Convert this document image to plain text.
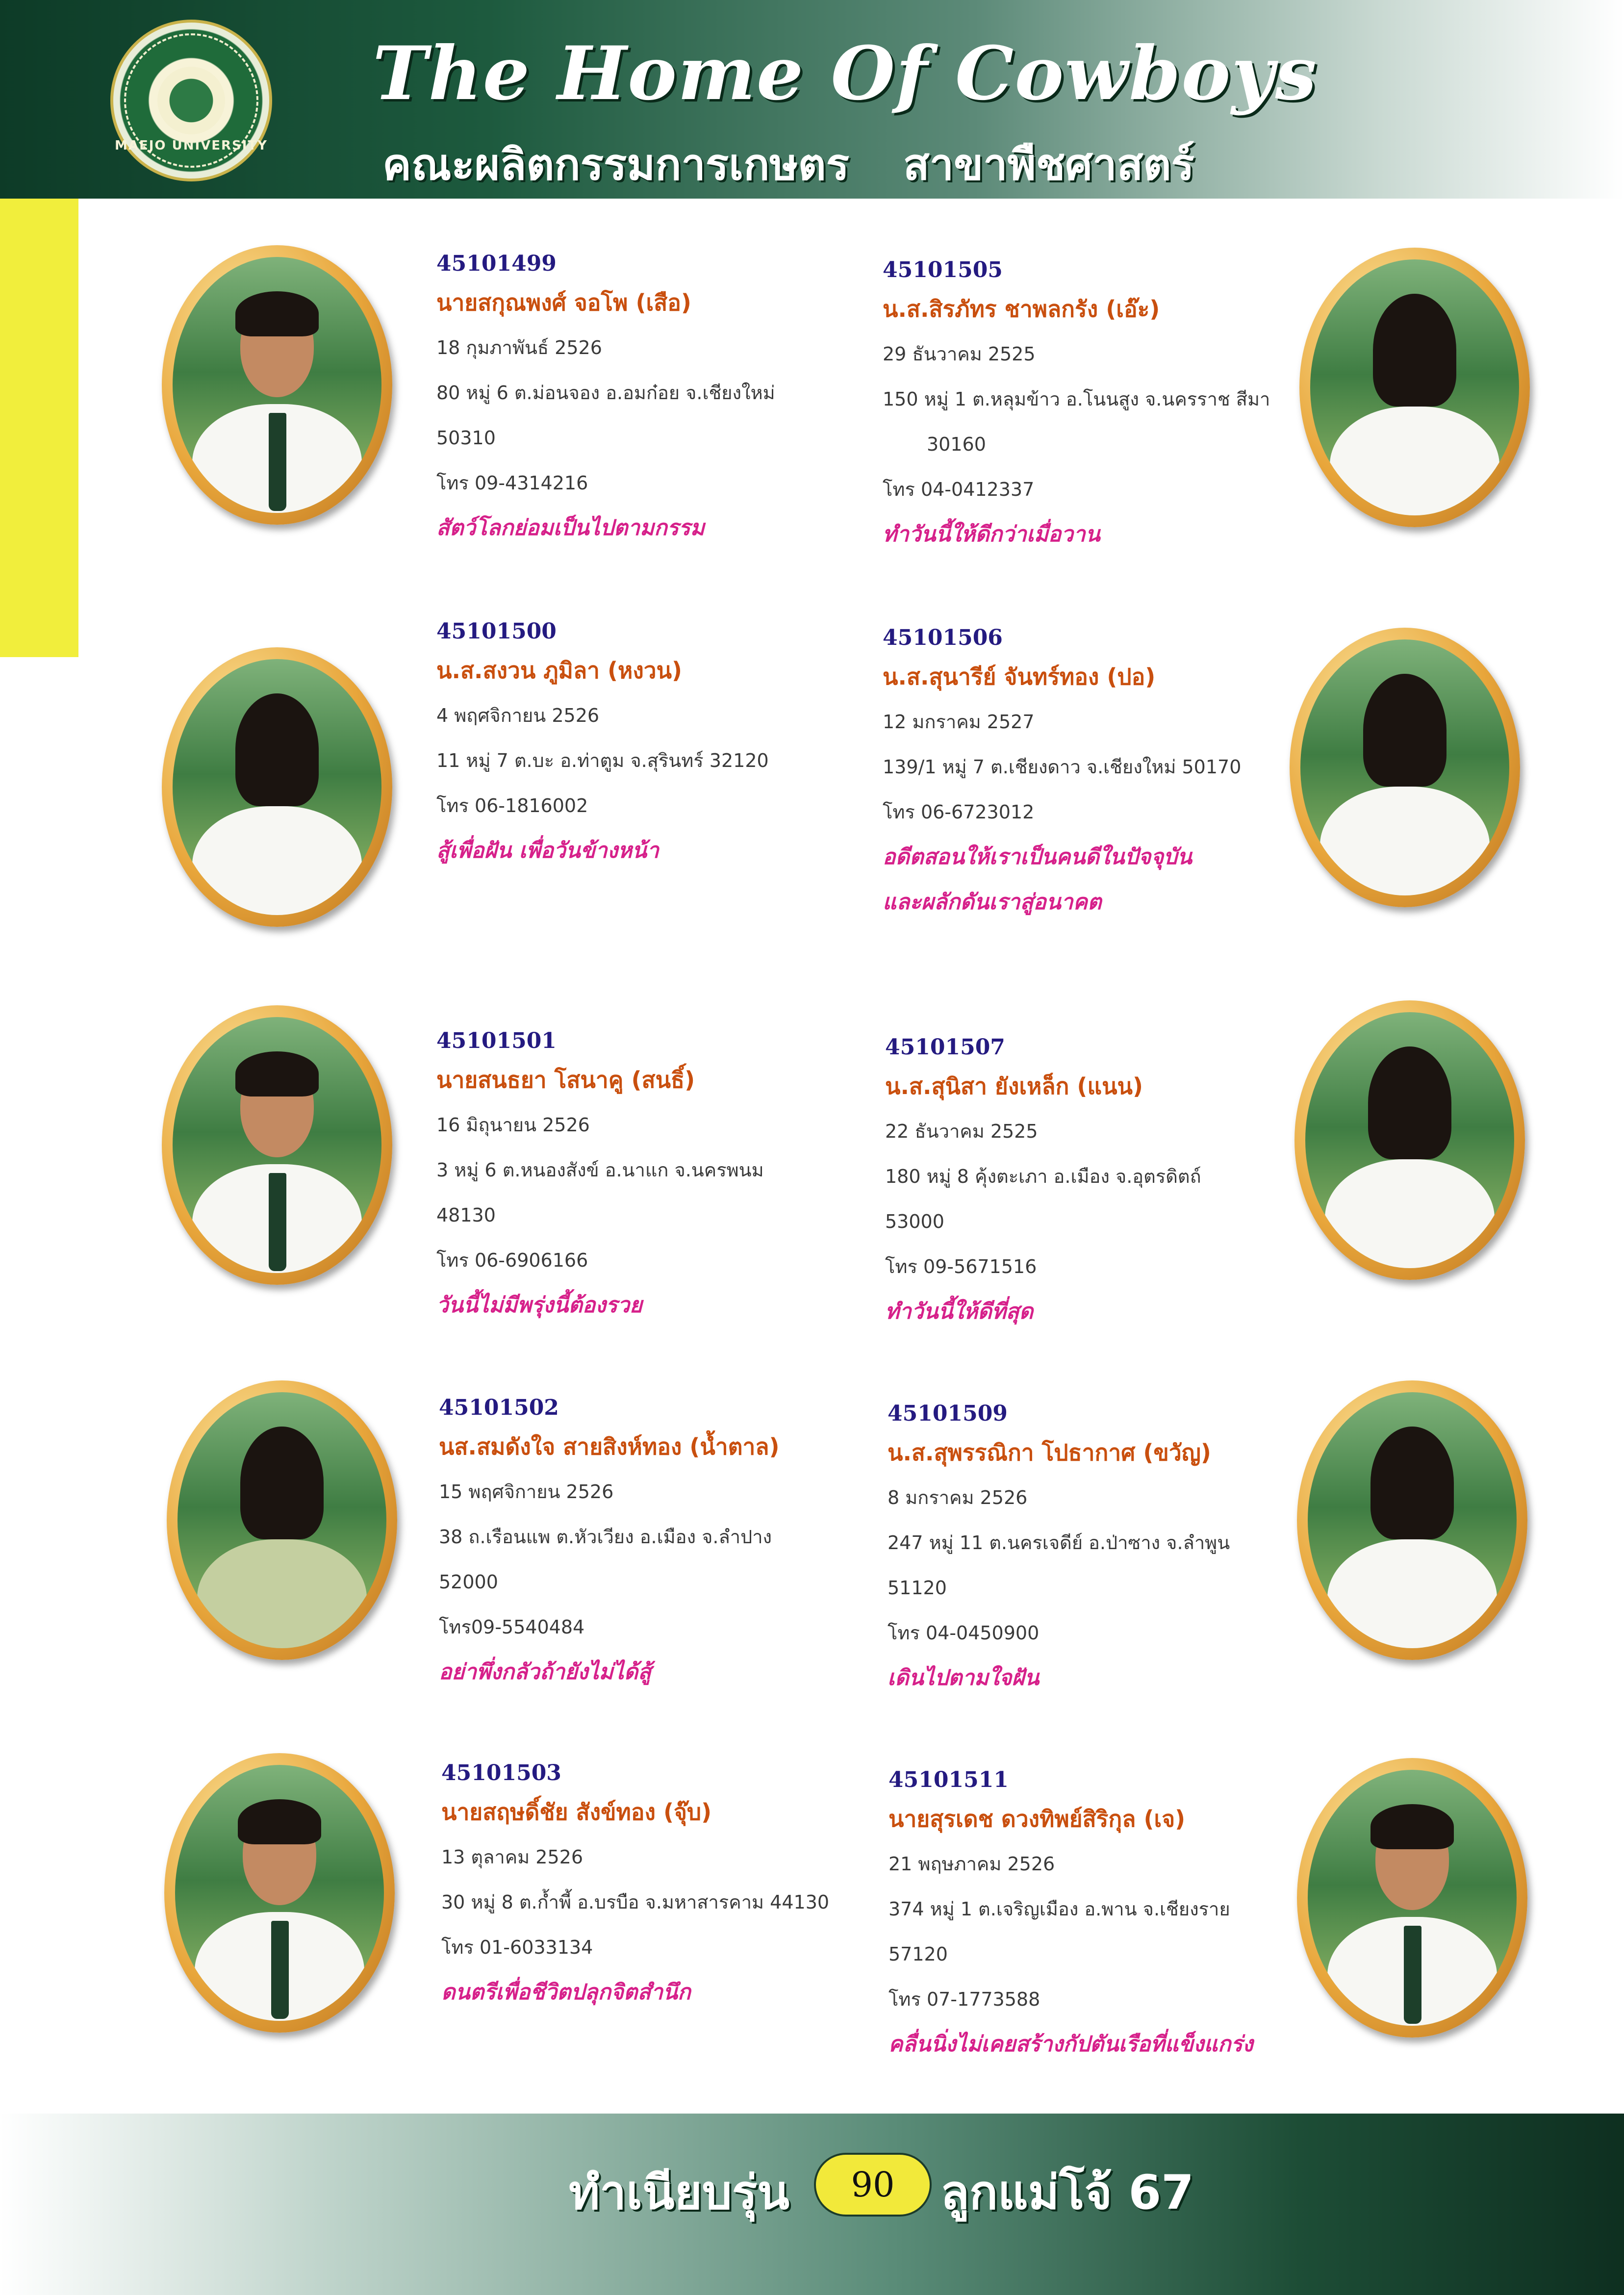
MAEJO UNIVERSITY
The Home Of Cowboys
คณะผลิตกรรมการเกษตร สาขาพืชศาสตร์
45101499
นายสกุณพงศ์ จอโพ (เสือ)
18 กุมภาพันธ์ 2526
80 หมู่ 6 ต.ม่อนจอง อ.อมก๋อย จ.เชียงใหม่
50310
โทร 09-4314216
สัตว์โลกย่อมเป็นไปตามกรรม
45101505
น.ส.สิรภัทร ชาพลกรัง (เอ๊ะ)
29 ธันวาคม 2525
150 หมู่ 1 ต.หลุมข้าว อ.โนนสูง จ.นครราช สีมา
30160
โทร 04-0412337
ทำวันนี้ให้ดีกว่าเมื่อวาน
45101500
น.ส.สงวน ภูมิลา (หงวน)
4 พฤศจิกายน 2526
11 หมู่ 7 ต.บะ อ.ท่าตูม จ.สุรินทร์ 32120
โทร 06-1816002
สู้เพื่อฝัน เพื่อวันข้างหน้า
45101506
น.ส.สุนารีย์ จันทร์ทอง (ปอ)
12 มกราคม 2527
139/1 หมู่ 7 ต.เชียงดาว จ.เชียงใหม่ 50170
โทร 06-6723012
อดีตสอนให้เราเป็นคนดีในปัจจุบัน
และผลักดันเราสู่อนาคต
45101501
นายสนธยา โสนาคู (สนธิ์)
16 มิถุนายน 2526
3 หมู่ 6 ต.หนองสังข์ อ.นาแก จ.นครพนม
48130
โทร 06-6906166
วันนี้ไม่มีพรุ่งนี้ต้องรวย
45101507
น.ส.สุนิสา ยังเหล็ก (แนน)
22 ธันวาคม 2525
180 หมู่ 8 คุ้งตะเภา อ.เมือง จ.อุตรดิตถ์
53000
โทร 09-5671516
ทำวันนี้ให้ดีที่สุด
45101502
นส.สมดังใจ สายสิงห์ทอง (น้ำตาล)
15 พฤศจิกายน 2526
38 ถ.เรือนแพ ต.หัวเวียง อ.เมือง จ.ลำปาง
52000
โทร09-5540484
อย่าพึ่งกลัวถ้ายังไม่ได้สู้
45101509
น.ส.สุพรรณิกา โปธากาศ (ขวัญ)
8 มกราคม 2526
247 หมู่ 11 ต.นครเจดีย์ อ.ป่าซาง จ.ลำพูน
51120
โทร 04-0450900
เดินไปตามใจฝัน
45101503
นายสฤษดิ์ชัย สังข์ทอง (จุ๊บ)
13 ตุลาคม 2526
30 หมู่ 8 ต.ก้ำพี้ อ.บรบือ จ.มหาสารคาม 44130
โทร 01-6033134
ดนตรีเพื่อชีวิตปลุกจิตสำนึก
45101511
นายสุรเดช ดวงทิพย์สิริกุล (เจ)
21 พฤษภาคม 2526
374 หมู่ 1 ต.เจริญเมือง อ.พาน จ.เชียงราย
57120
โทร 07-1773588
คลื่นนิ่งไม่เคยสร้างกัปตันเรือที่แข็งแกร่ง
ทำเนียบรุ่น	90 ลูกแม่โจ้ 67
